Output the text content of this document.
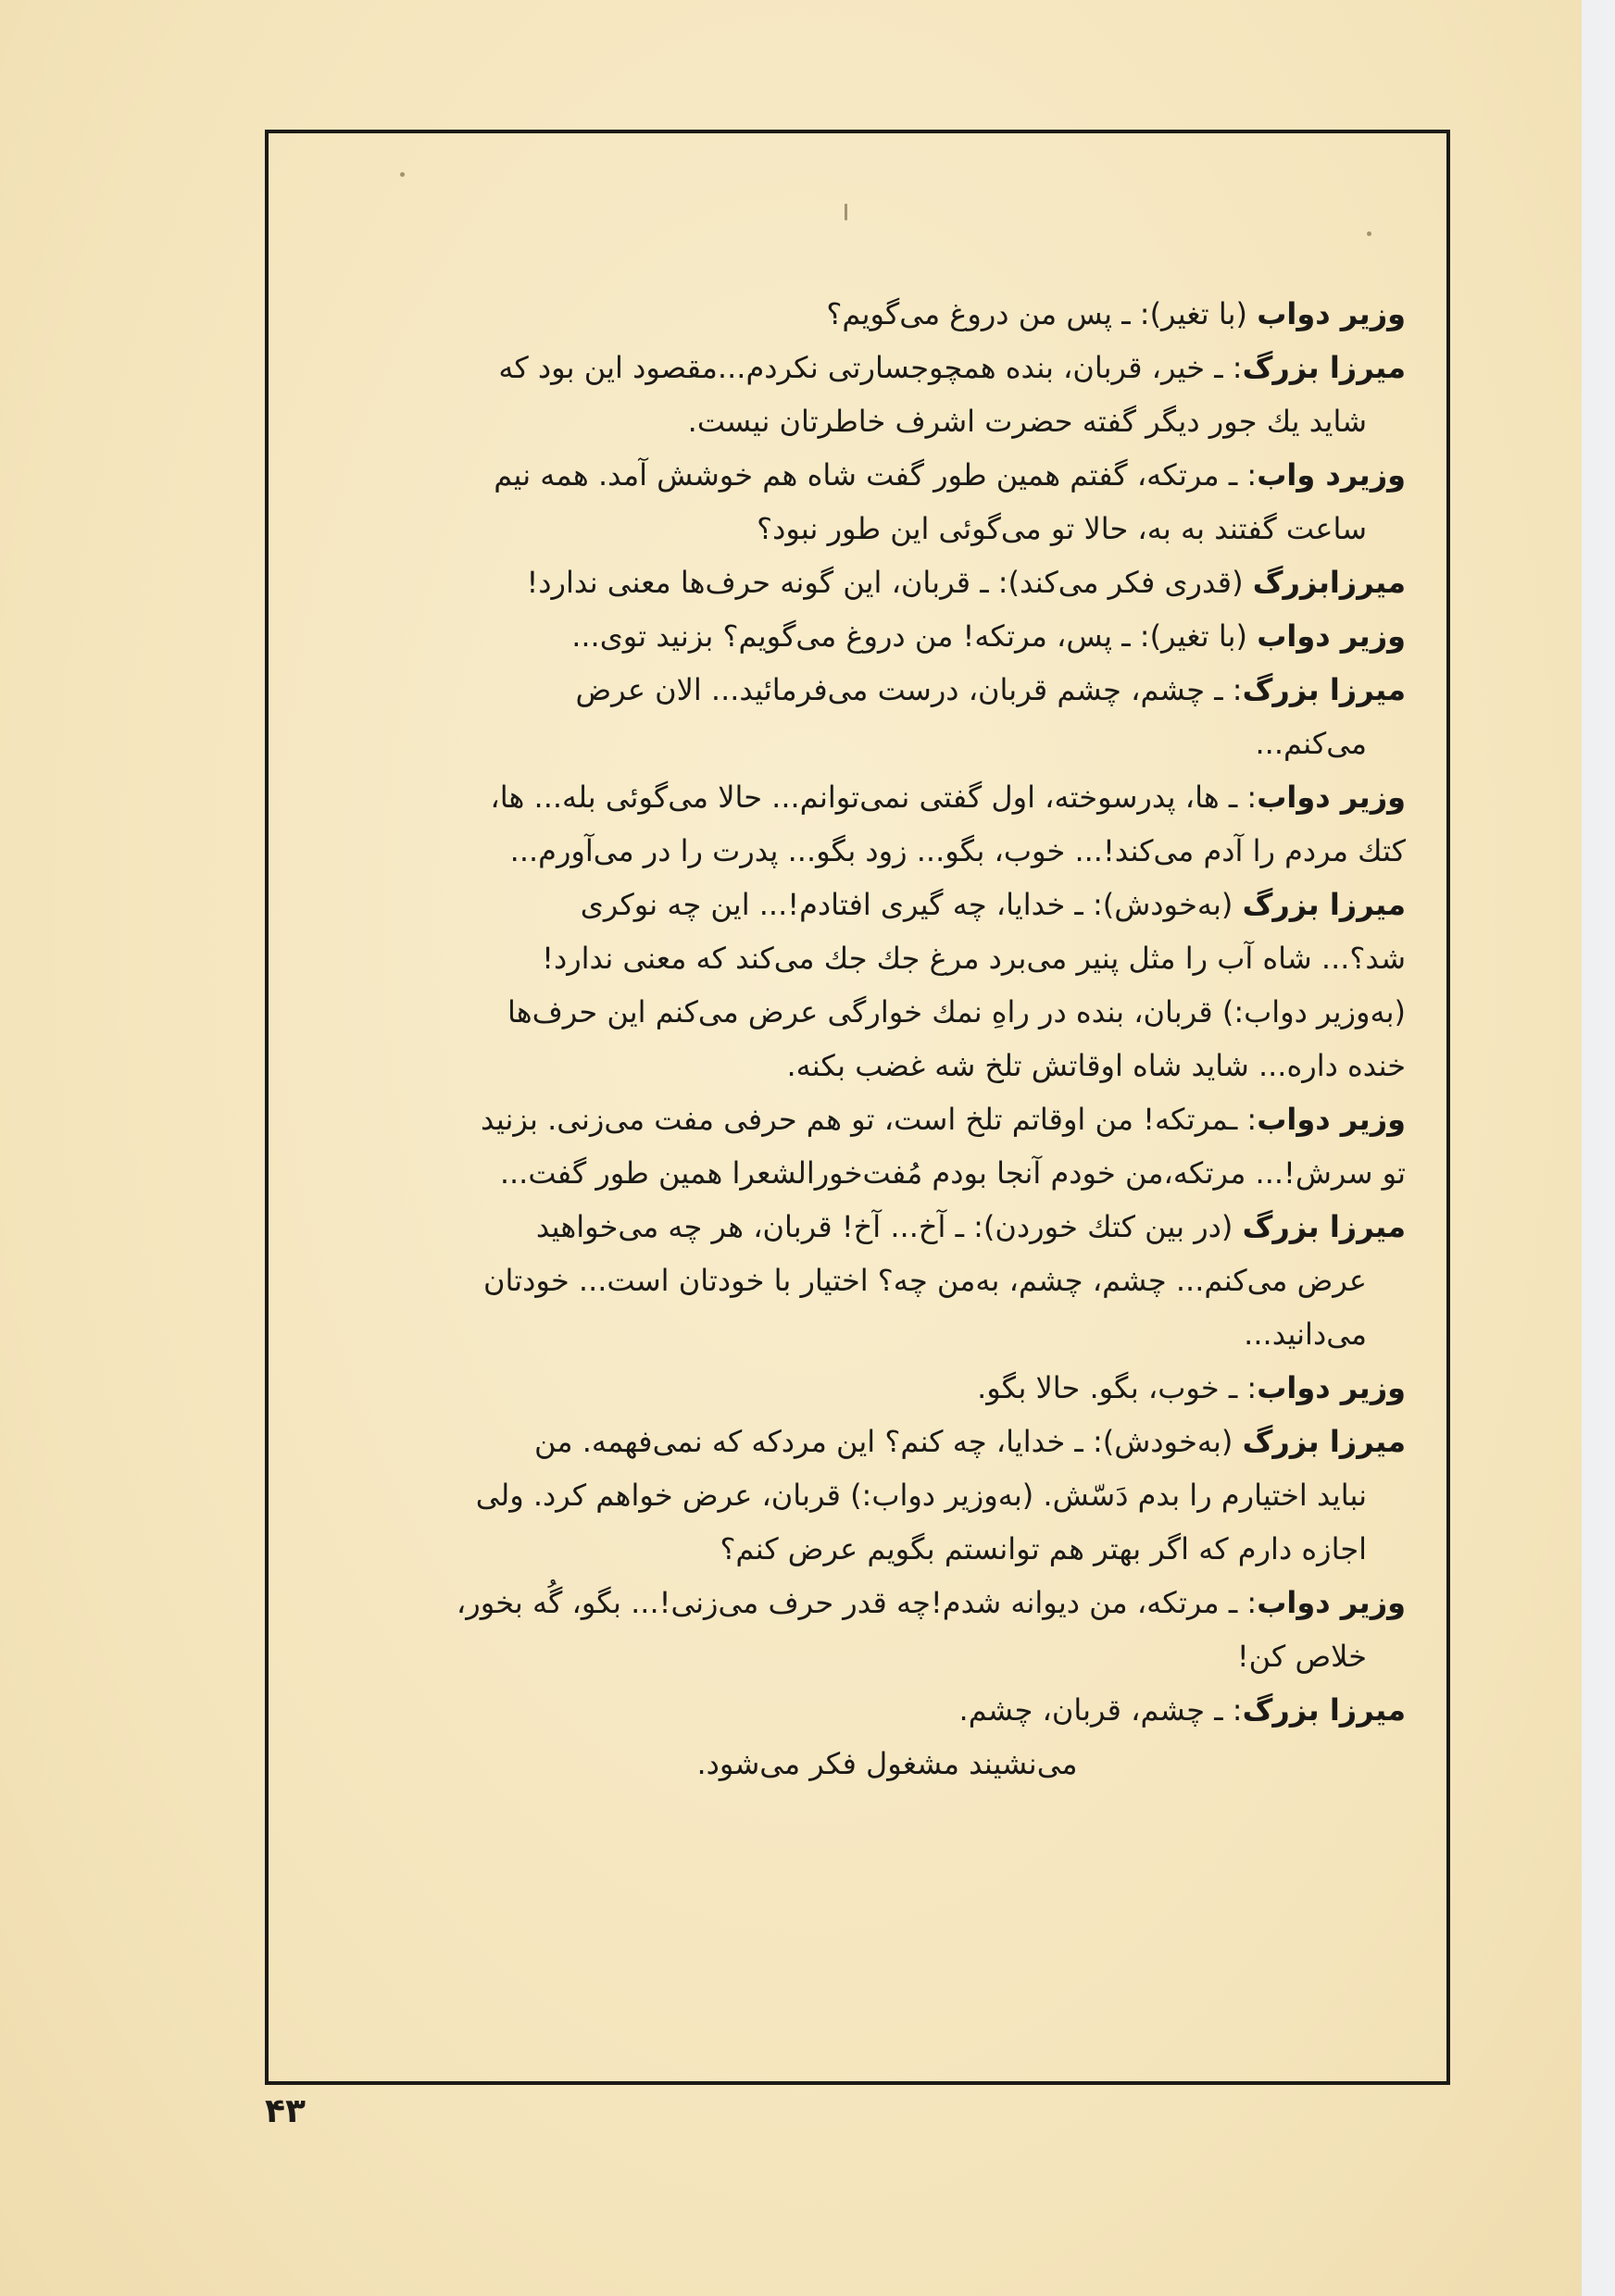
وزیر دواب (با تغیر): ـ پس من دروغ می‌گویم؟

میرزا بزرگ: ـ خیر، قربان، بنده همچوجسارتی نکردم...مقصود این بود که

شاید یك جور دیگر گفته حضرت اشرف خاطرتان نیست.

وزیرد واب: ـ مرتکه، گفتم همین طور گفت شاه هم خوشش آمد. همه نیم

ساعت گفتند به به، حالا تو می‌گوئی این طور نبود؟

میرزابزرگ (قدری فکر می‌کند): ـ قربان، این گونه حرف‌ها معنی ندارد!

وزیر دواب (با تغیر): ـ پس، مرتکه! من دروغ می‌گویم؟ بزنید توی...

میرزا بزرگ: ـ چشم، چشم قربان، درست می‌فرمائید... الان عرض

می‌کنم...

وزیر دواب: ـ ها، پدرسوخته، اول گفتی نمی‌توانم... حالا می‌گوئی بله... ها،

کتك مردم را آدم می‌کند!... خوب، بگو... زود بگو... پدرت را در می‌آورم...

میرزا بزرگ (به‌خودش): ـ خدایا، چه گیری افتادم!... این چه نوکری

شد؟... شاه آب را مثل پنیر می‌برد مرغ جك جك می‌کند که معنی ندارد!

(به‌وزیر دواب:) قربان، بنده در راهِ نمك خوارگی عرض می‌کنم این حرف‌ها

خنده داره... شاید شاه اوقاتش تلخ شه غضب بکنه.

وزیر دواب: ـمرتکه! من اوقاتم تلخ است، تو هم حرفی مفت می‌زنی. بزنید

تو سرش!... مرتکه،من خودم آنجا بودم مُفت‌خورالشعرا همین طور گفت...

میرزا بزرگ (در بین کتك خوردن): ـ آخ... آخ! قربان، هر چه می‌خواهید

عرض می‌کنم... چشم، چشم، به‌من چه؟ اختیار با خودتان است... خودتان

می‌دانید...

وزیر دواب: ـ خوب، بگو. حالا بگو.

میرزا بزرگ (به‌خودش): ـ خدایا، چه کنم؟ این مردکه که نمی‌فهمه. من

نباید اختیارم را بدم دَسّش. (به‌وزیر دواب:) قربان، عرض خواهم کرد. ولی

اجازه دارم که اگر بهتر هم توانستم بگویم عرض کنم؟

وزیر دواب: ـ مرتکه، من دیوانه شدم!چه قدر حرف می‌زنی!... بگو، گُه بخور،

خلاص کن!

میرزا بزرگ: ـ چشم، قربان، چشم.

می‌نشیند مشغول فکر می‌شود.

۴۳
